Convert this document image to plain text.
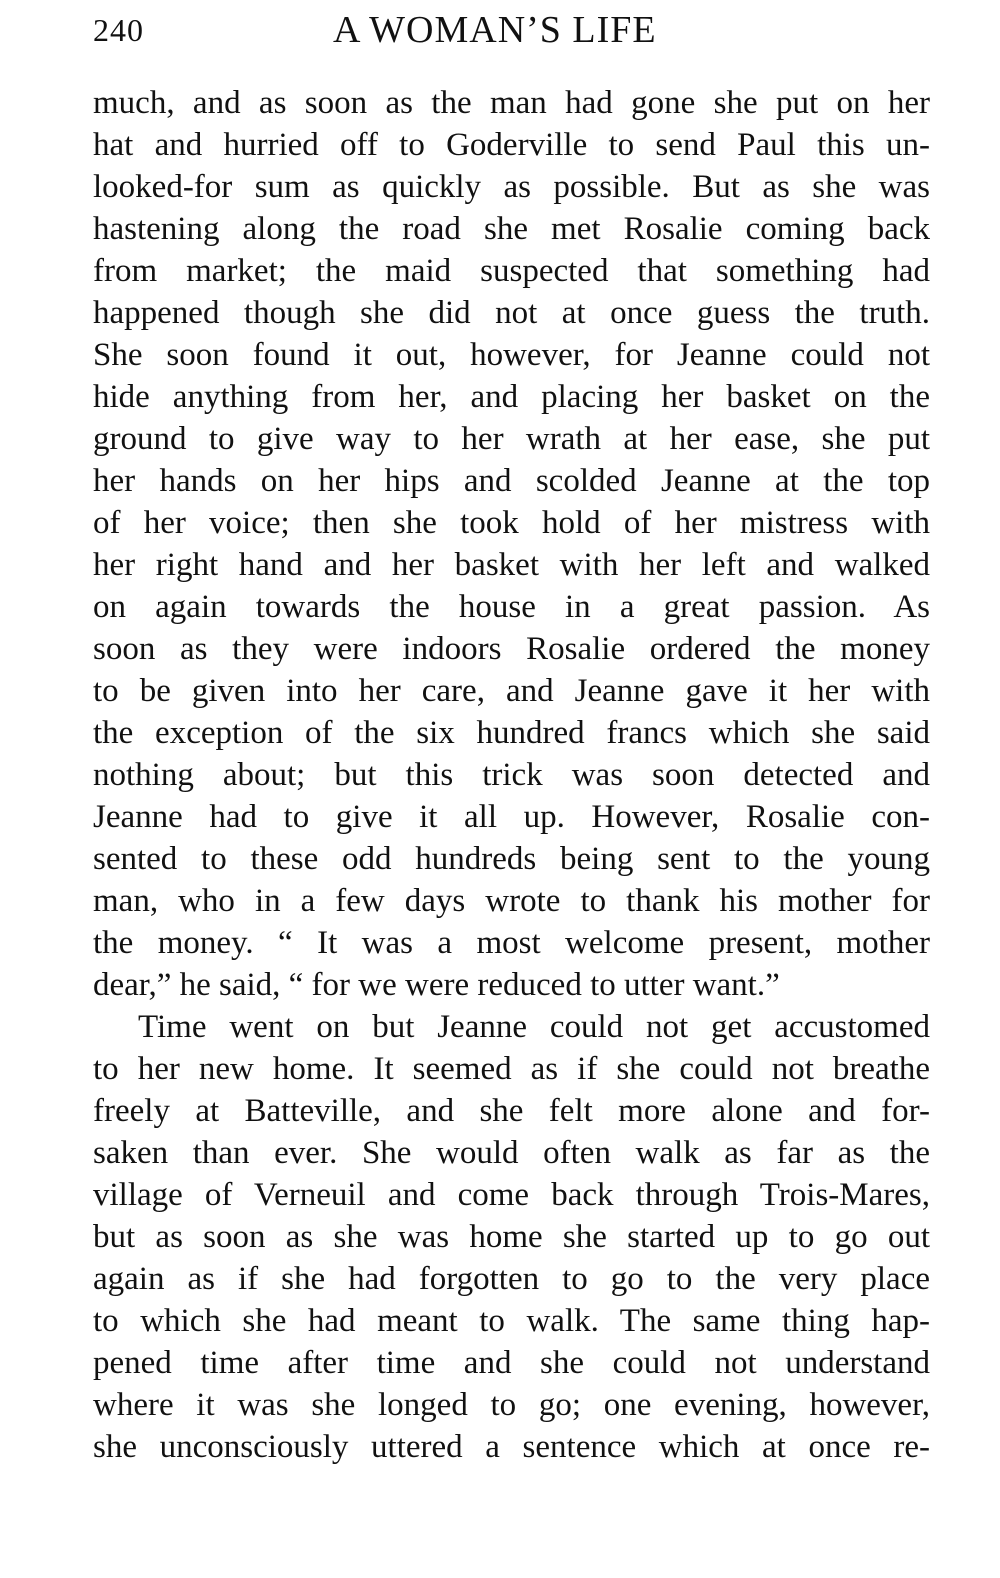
240	A WOMAN’S LIFE
much, and as soon as the man had gone she put on her
hat and hurried off to Goderville to send Paul this un-
looked-for sum as quickly as possible. But as she was
hastening along the road she met Rosalie coming back
from market; the maid suspected that something had
happened though she did not at once guess the truth.
She soon found it out, however, for Jeanne could not
hide anything from her, and placing her basket on the
ground to give way to her wrath at her ease, she put
her hands on her hips and scolded Jeanne at the top
of her voice; then she took hold of her mistress with
her right hand and her basket with her left and walked
on again towards the house in a great passion. As
soon as they were indoors Rosalie ordered the money
to be given into her care, and Jeanne gave it her with
the exception of the six hundred francs which she said
nothing about; but this trick was soon detected and
Jeanne had to give it all up. However, Rosalie con-
sented to these odd hundreds being sent to the young
man, who in a few days wrote to thank his mother for
the money. “ It was a most welcome present, mother
dear,” he said, “ for we were reduced to utter want.”
Time went on but Jeanne could not get accustomed
to her new home. It seemed as if she could not breathe
freely at Batteville, and she felt more alone and for-
saken than ever. She would often walk as far as the
village of Verneuil and come back through Trois-Mares,
but as soon as she was home she started up to go out
again as if she had forgotten to go to the very place
to which she had meant to walk. The same thing hap-
pened time after time and she could not understand
where it was she longed to go; one evening, however,
she unconsciously uttered a sentence which at once re-
